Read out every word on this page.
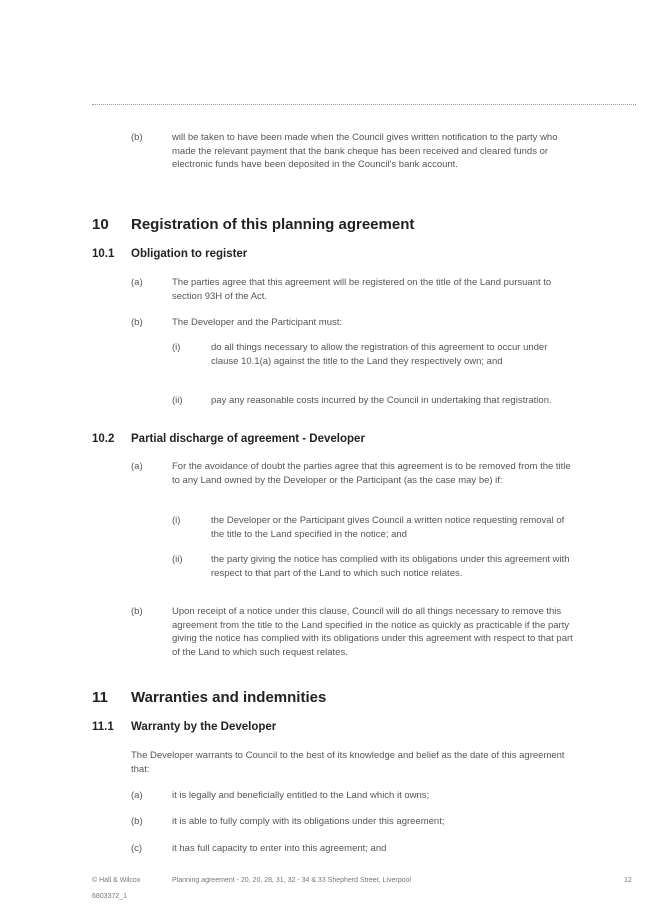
(b)	will be taken to have been made when the Council gives written notification to the party who made the relevant payment that the bank cheque has been received and cleared funds or electronic funds have been deposited in the Council's bank account.
10 Registration of this planning agreement
10.1 Obligation to register
(a)	The parties agree that this agreement will be registered on the title of the Land pursuant to section 93H of the Act.
(b)	The Developer and the Participant must:
(i)	do all things necessary to allow the registration of this agreement to occur under clause 10.1(a) against the title to the Land they respectively own; and
(ii)	pay any reasonable costs incurred by the Council in undertaking that registration.
10.2 Partial discharge of agreement - Developer
(a)	For the avoidance of doubt the parties agree that this agreement is to be removed from the title to any Land owned by the Developer or the Participant (as the case may be) if:
(i)	the Developer or the Participant gives Council a written notice requesting removal of the title to the Land specified in the notice; and
(ii)	the party giving the notice has complied with its obligations under this agreement with respect to that part of the Land to which such notice relates.
(b)	Upon receipt of a notice under this clause, Council will do all things necessary to remove this agreement from the title to the Land specified in the notice as quickly as practicable if the party giving the notice has complied with its obligations under this agreement with respect to that part of the Land to which such request relates.
11 Warranties and indemnities
11.1 Warranty by the Developer
The Developer warrants to Council to the best of its knowledge and belief as the date of this agreement that:
(a)	it is legally and beneficially entitled to the Land which it owns;
(b)	it is able to fully comply with its obligations under this agreement;
(c)	it has full capacity to enter into this agreement; and
© Hall & Wilcox	Planning agreement - 20, 20, 28, 31, 32 - 34 & 33 Shepherd Street, Liverpool	12
6803372_1
